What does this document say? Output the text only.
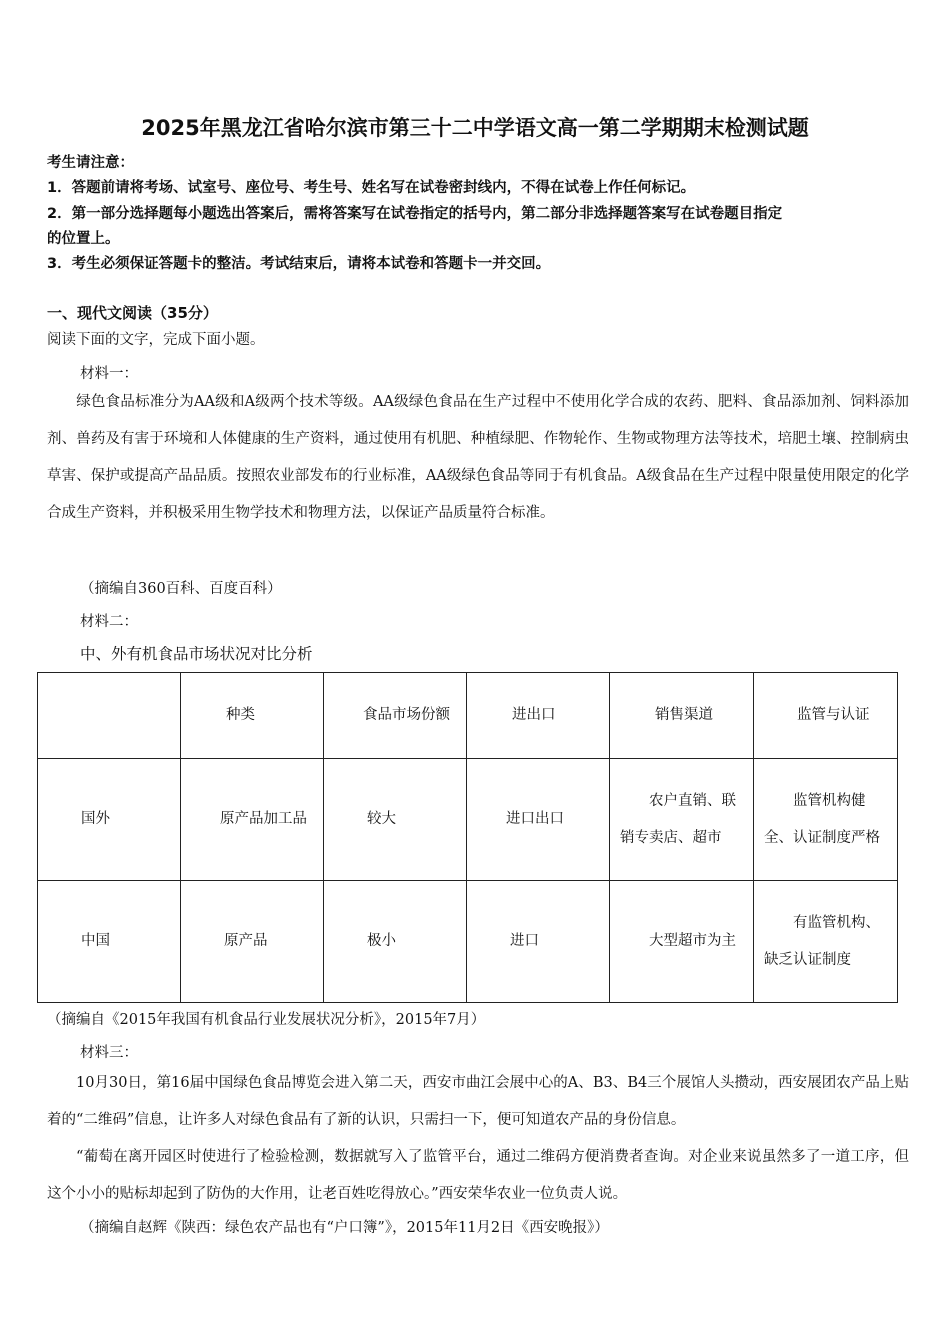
2025年黑龙江省哈尔滨市第三十二中学语文高一第二学期期末检测试题
考生请注意：
1．答题前请将考场、试室号、座位号、考生号、姓名写在试卷密封线内，不得在试卷上作任何标记。
2．第一部分选择题每小题选出答案后，需将答案写在试卷指定的括号内，第二部分非选择题答案写在试卷题目指定
的位置上。
3．考生必须保证答题卡的整洁。考试结束后，请将本试卷和答题卡一并交回。
一、现代文阅读（35分）
阅读下面的文字，完成下面小题。
材料一：
绿色食品标准分为AA级和A级两个技术等级。AA级绿色食品在生产过程中不使用化学合成的农药、肥料、食品添加剂、饲料添加剂、兽药及有害于环境和人体健康的生产资料，通过使用有机肥、种植绿肥、作物轮作、生物或物理方法等技术，培肥土壤、控制病虫草害、保护或提高产品品质。按照农业部发布的行业标准，AA级绿色食品等同于有机食品。A级食品在生产过程中限量使用限定的化学合成生产资料，并积极采用生物学技术和物理方法，以保证产品质量符合标准。
（摘编自360百科、百度百科）
材料二：
中、外有机食品市场状况对比分析
	种类	食品市场份额	进出口	销售渠道	监管与认证
国外	原产品加工品	较大	进口出口	农户直销、联销专卖店、超市	监管机构健全、认证制度严格
中国	原产品	极小	进口	大型超市为主	有监管机构、缺乏认证制度
（摘编自《2015年我国有机食品行业发展状况分析》，2015年7月）
材料三：
10月30日，第16届中国绿色食品博览会进入第二天，西安市曲江会展中心的A、B3、B4三个展馆人头攒动，西安展团农产品上贴着的“二维码”信息，让许多人对绿色食品有了新的认识，只需扫一下，便可知道农产品的身份信息。
“葡萄在离开园区时使进行了检验检测，数据就写入了监管平台，通过二维码方便消费者查询。对企业来说虽然多了一道工序，但这个小小的贴标却起到了防伪的大作用，让老百姓吃得放心。”西安荣华农业一位负责人说。
（摘编自赵辉《陕西：绿色农产品也有“户口簿”》，2015年11月2日《西安晚报》）
